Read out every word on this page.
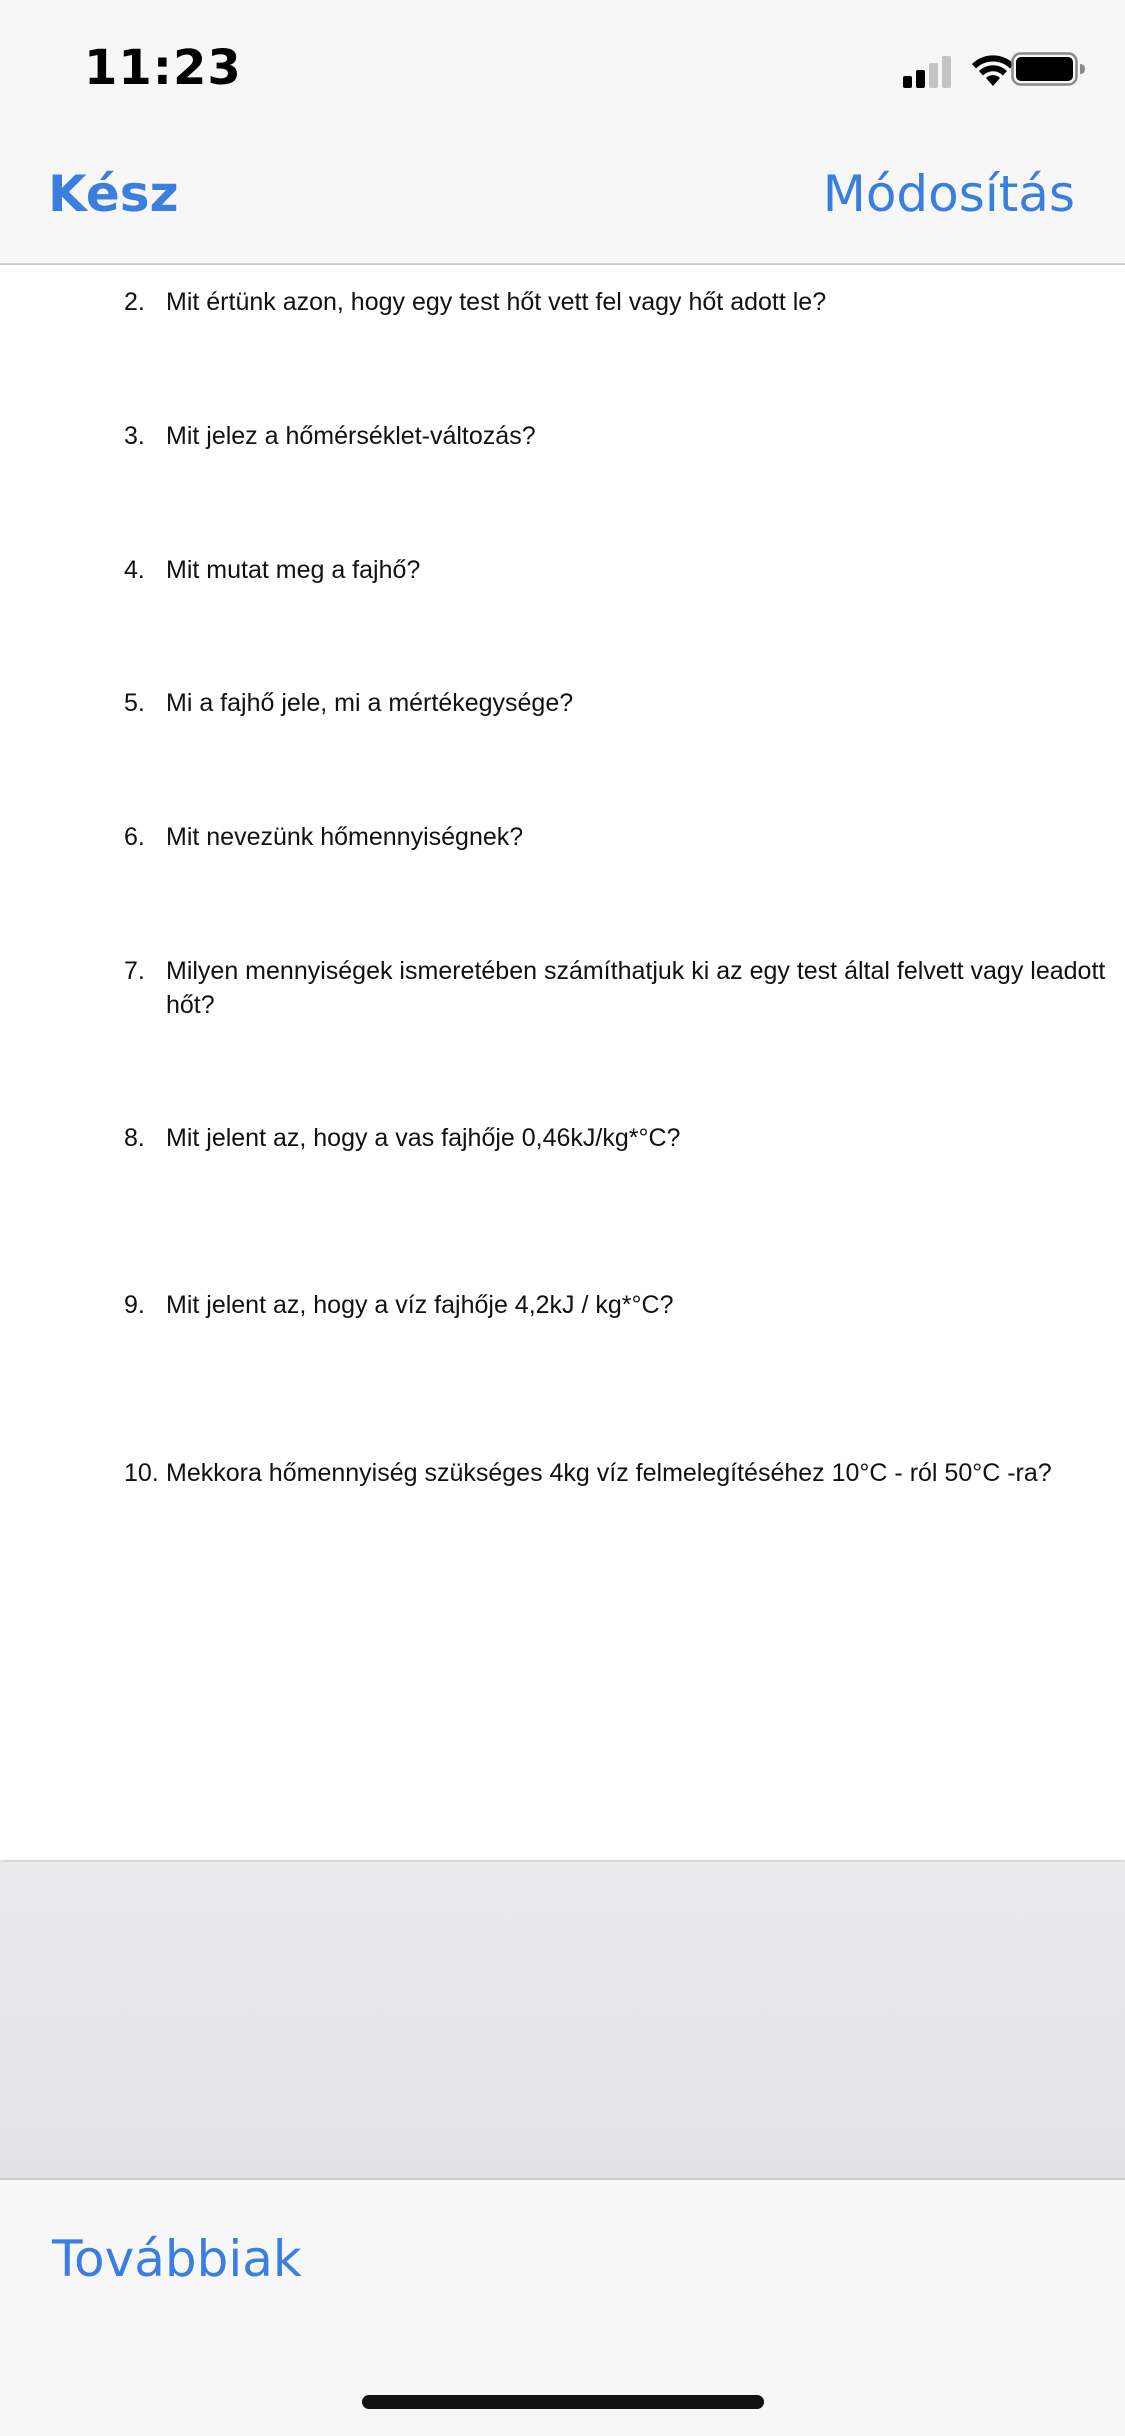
11:23
Kész	Módosítás
2. Mit értünk azon, hogy egy test hőt vett fel vagy hőt adott le?
3. Mit jelez a hőmérséklet-változás?
4. Mit mutat meg a fajhő?
5. Mi a fajhő jele, mi a mértékegysége?
6. Mit nevezünk hőmennyiségnek?
7. Milyen mennyiségek ismeretében számíthatjuk ki az egy test által felvett vagy leadott hőt?
8. Mit jelent az, hogy a vas fajhője 0,46kJ/kg*°C?
9. Mit jelent az, hogy a víz fajhője 4,2kJ / kg*°C?
10. Mekkora hőmennyiség szükséges 4kg víz felmelegítéséhez 10°C - ról 50°C -ra?
Továbbiak
